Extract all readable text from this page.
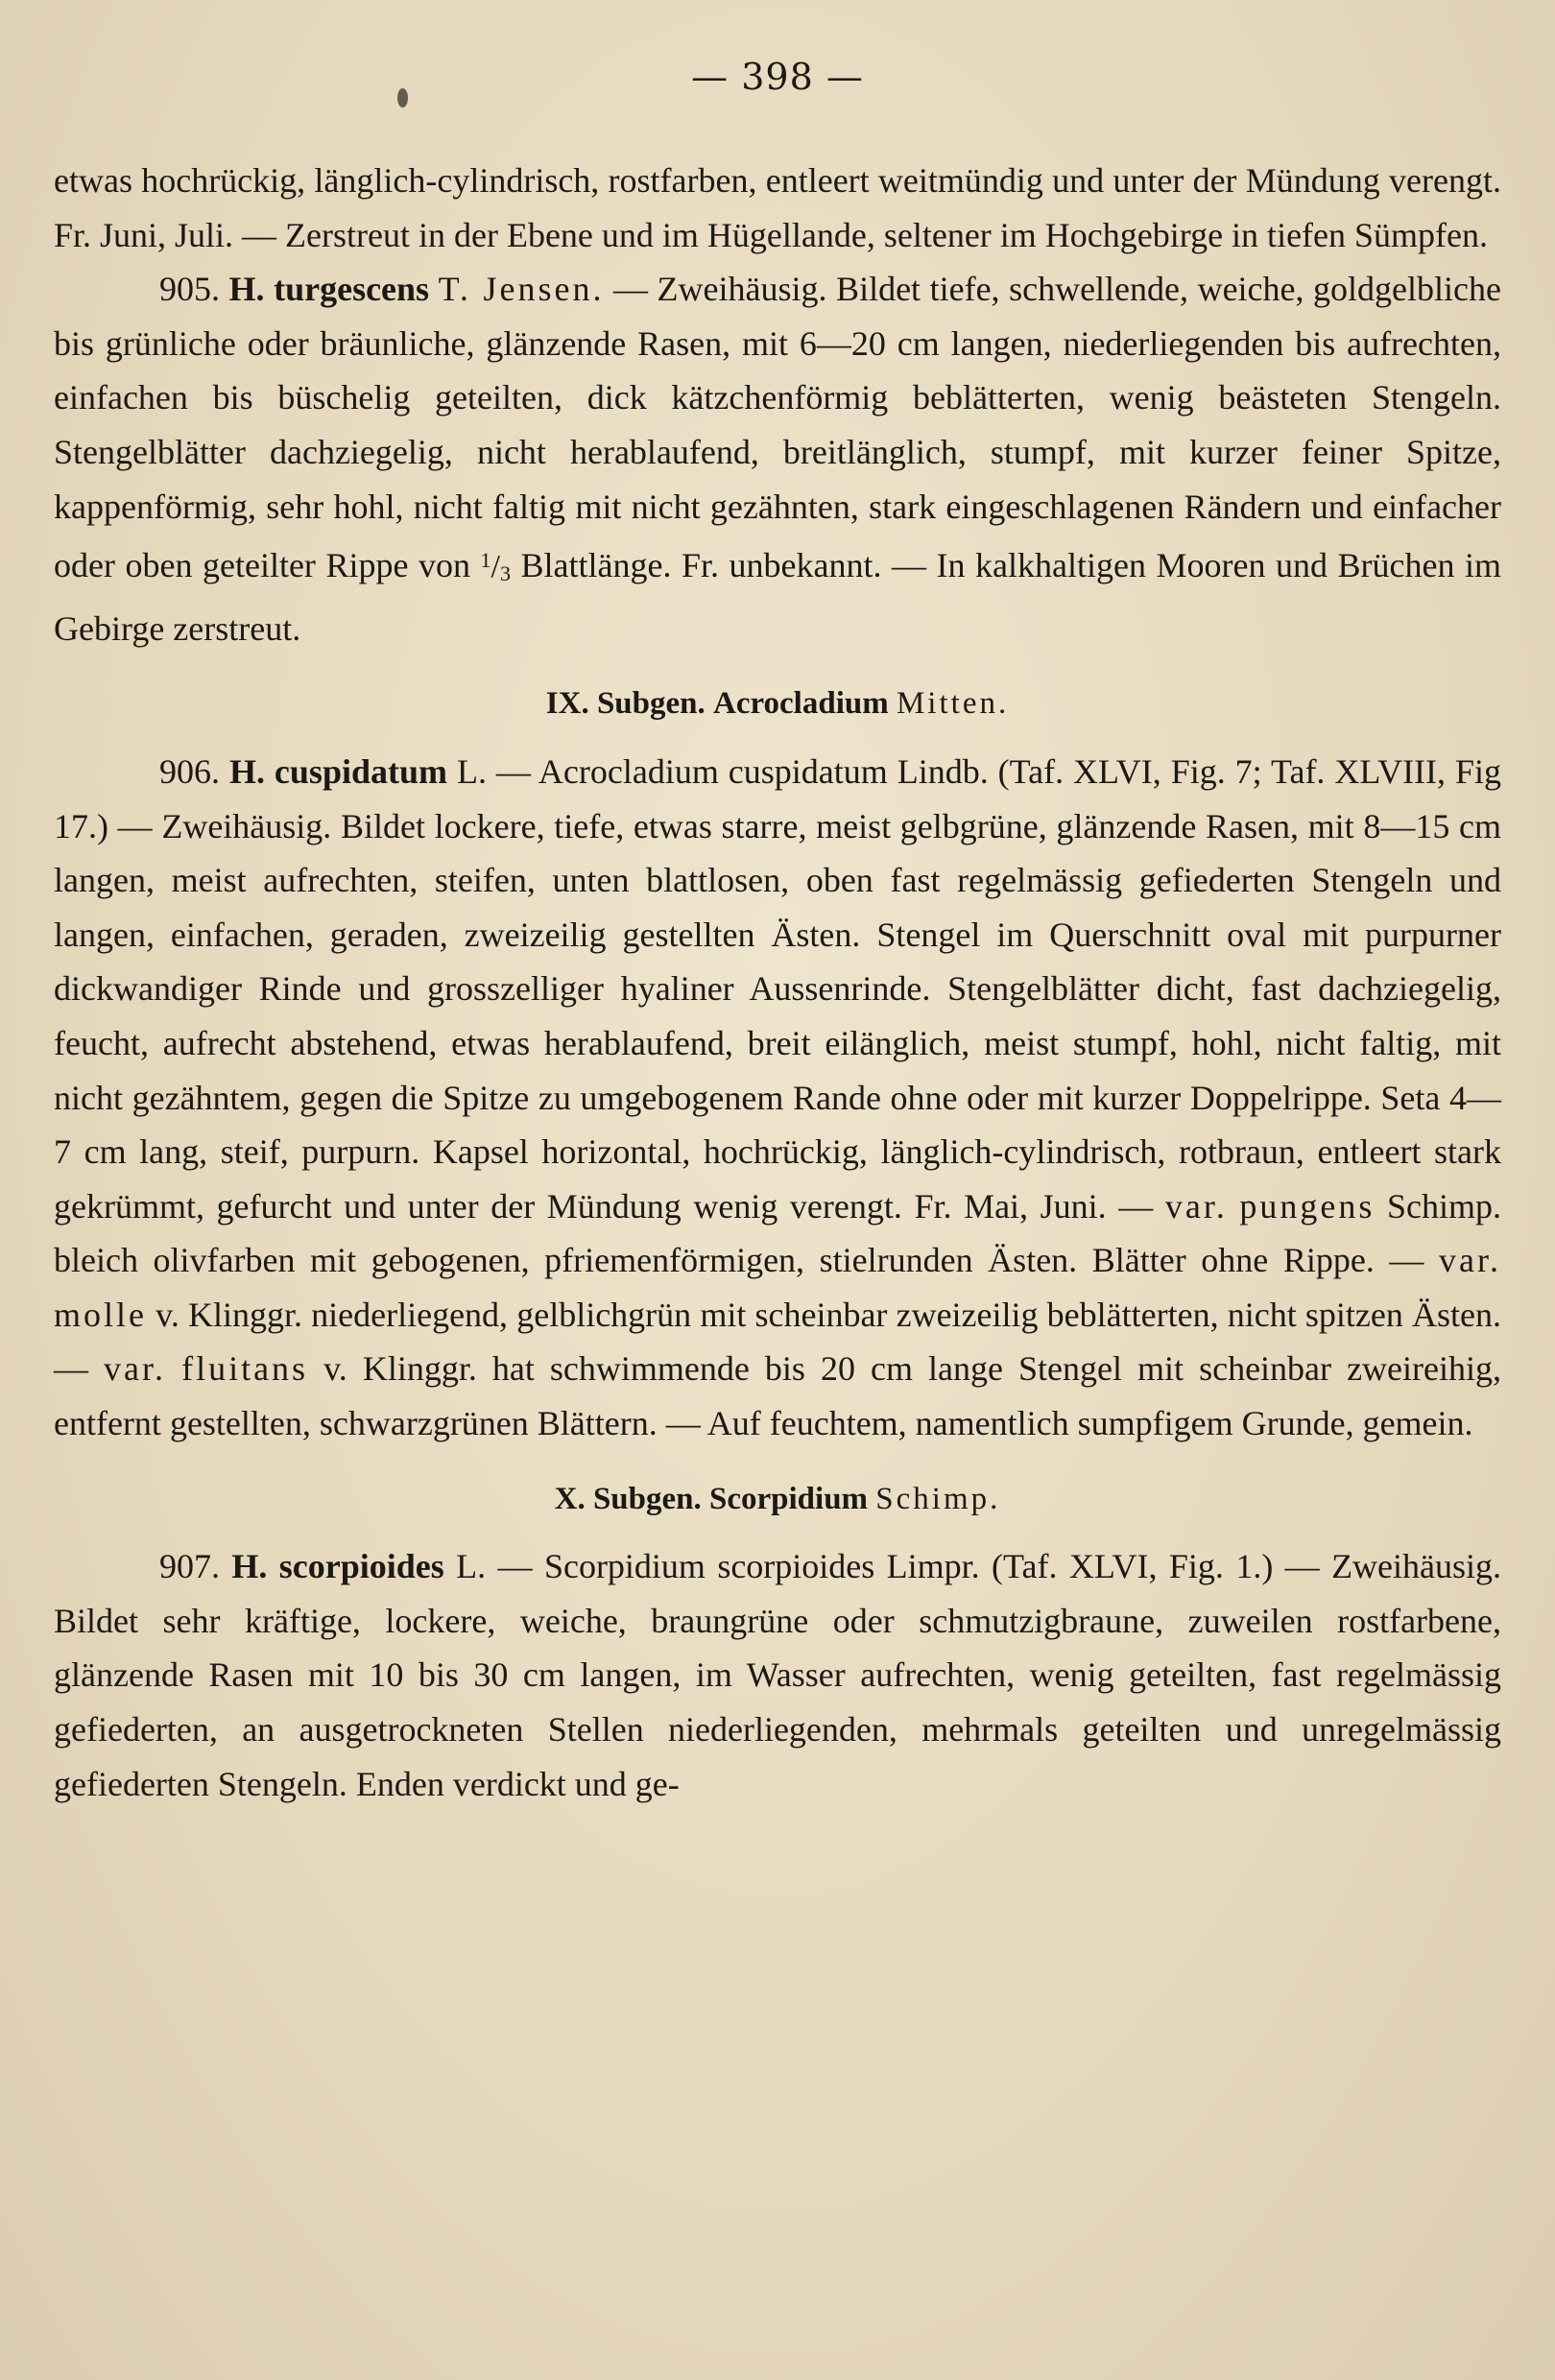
— 398 —

etwas hochrückig, länglich-cylindrisch, rostfarben, entleert weitmündig und unter der Mündung verengt. Fr. Juni, Juli. — Zerstreut in der Ebene und im Hügellande, seltener im Hochgebirge in tiefen Sümpfen.

905. H. turgescens T. Jensen. — Zweihäusig. Bildet tiefe, schwellende, weiche, goldgelbliche bis grünliche oder bräunliche, glänzende Rasen, mit 6—20 cm langen, niederliegenden bis aufrechten, einfachen bis büschelig geteilten, dick kätzchenförmig beblätterten, wenig beästeten Stengeln. Stengelblätter dachziegelig, nicht herablaufend, breitlänglich, stumpf, mit kurzer feiner Spitze, kappenförmig, sehr hohl, nicht faltig mit nicht gezähnten, stark eingeschlagenen Rändern und einfacher oder oben geteilter Rippe von $^1/_3$ Blattlänge. Fr. unbekannt. — In kalkhaltigen Mooren und Brüchen im Gebirge zerstreut.

IX. Subgen. Acrocladium Mitten.

906. H. cuspidatum L. — Acrocladium cuspidatum Lindb. (Taf. XLVI, Fig. 7; Taf. XLVIII, Fig 17.) — Zweihäusig. Bildet lockere, tiefe, etwas starre, meist gelbgrüne, glänzende Rasen, mit 8—15 cm langen, meist aufrechten, steifen, unten blattlosen, oben fast regelmässig gefiederten Stengeln und langen, einfachen, geraden, zweizeilig gestellten Ästen. Stengel im Querschnitt oval mit purpurner dickwandiger Rinde und grosszelliger hyaliner Aussenrinde. Stengelblätter dicht, fast dachziegelig, feucht, aufrecht abstehend, etwas herablaufend, breit eilänglich, meist stumpf, hohl, nicht faltig, mit nicht gezähntem, gegen die Spitze zu umgebogenem Rande ohne oder mit kurzer Doppelrippe. Seta 4—7 cm lang, steif, purpurn. Kapsel horizontal, hochrückig, länglich-cylindrisch, rotbraun, entleert stark gekrümmt, gefurcht und unter der Mündung wenig verengt. Fr. Mai, Juni. — var. pungens Schimp. bleich olivfarben mit gebogenen, pfriemenförmigen, stielrunden Ästen. Blätter ohne Rippe. — var. molle v. Klinggr. niederliegend, gelblichgrün mit scheinbar zweizeilig beblätterten, nicht spitzen Ästen. — var. fluitans v. Klinggr. hat schwimmende bis 20 cm lange Stengel mit scheinbar zweireihig, entfernt gestellten, schwarzgrünen Blättern. — Auf feuchtem, namentlich sumpfigem Grunde, gemein.

X. Subgen. Scorpidium Schimp.

907. H. scorpioides L. — Scorpidium scorpioides Limpr. (Taf. XLVI, Fig. 1.) — Zweihäusig. Bildet sehr kräftige, lockere, weiche, braungrüne oder schmutzigbraune, zuweilen rostfarbene, glänzende Rasen mit 10 bis 30 cm langen, im Wasser aufrechten, wenig geteilten, fast regelmässig gefiederten, an ausgetrockneten Stellen niederliegenden, mehrmals geteilten und unregelmässig gefiederten Stengeln. Enden verdickt und ge-
